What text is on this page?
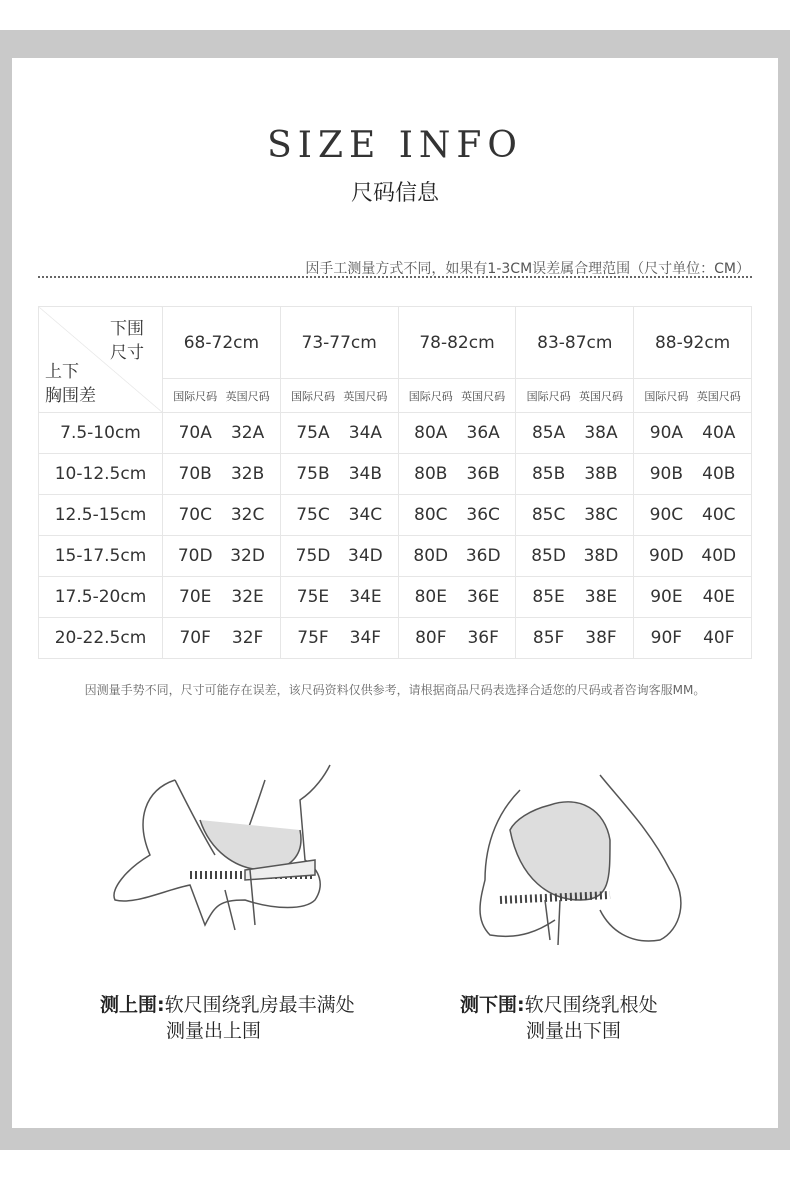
SIZE INFO
尺码信息
因手工测量方式不同，如果有1-3CM误差属合理范围（尺寸单位：CM）
下围
尺寸
上下
胸围差	68-72cm	73-77cm	78-82cm	83-87cm	88-92cm

	国际尺码 英国尺码	国际尺码 英国尺码	国际尺码 英国尺码	国际尺码 英国尺码	国际尺码 英国尺码

7.5-10cm	70A 32A	75A 34A	80A 36A	85A 38A	90A 40A

10-12.5cm	70B 32B	75B 34B	80B 36B	85B 38B	90B 40B

12.5-15cm	70C 32C	75C 34C	80C 36C	85C 38C	90C 40C

15-17.5cm	70D 32D	75D 34D	80D 36D	85D 38D	90D 40D

17.5-20cm	70E 32E	75E 34E	80E 36E	85E 38E	90E 40E

20-22.5cm	70F 32F	75F 34F	80F 36F	85F 38F	90F 40F
因测量手势不同，尺寸可能存在误差，该尺码资料仅供参考，请根据商品尺码表选择合适您的尺码或者咨询客服MM。
测上围:软尺围绕乳房最丰满处
测量出上围
测下围:软尺围绕乳根处
测量出下围
